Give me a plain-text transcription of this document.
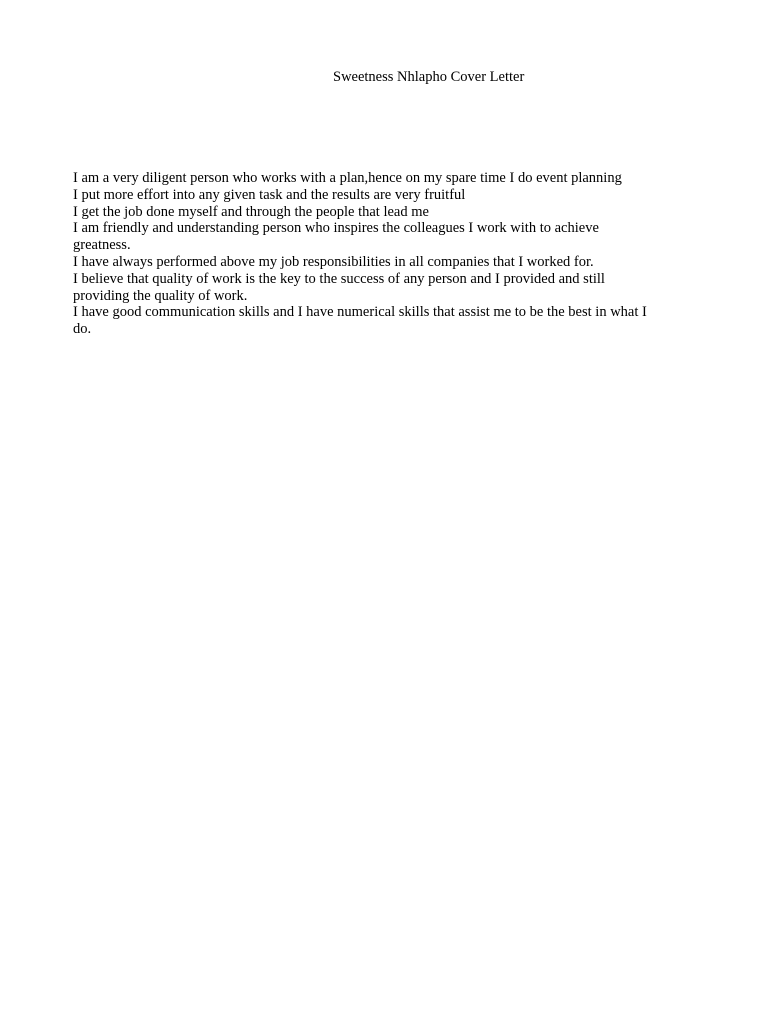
Sweetness Nhlapho Cover Letter
I am a very diligent person who works with a plan,hence on my spare time I do event planning
I put more effort into any given task and the results are very fruitful
I get the job done myself and through the people that lead me
I am friendly and understanding person who inspires the colleagues I work with to achieve
greatness.
I have always performed above my job responsibilities in all companies that I worked for.
I believe that quality of work is the key to the success of any person and I provided and still
providing the quality of work.
I have good communication skills and I have numerical skills that assist me to be the best in what I
do.
